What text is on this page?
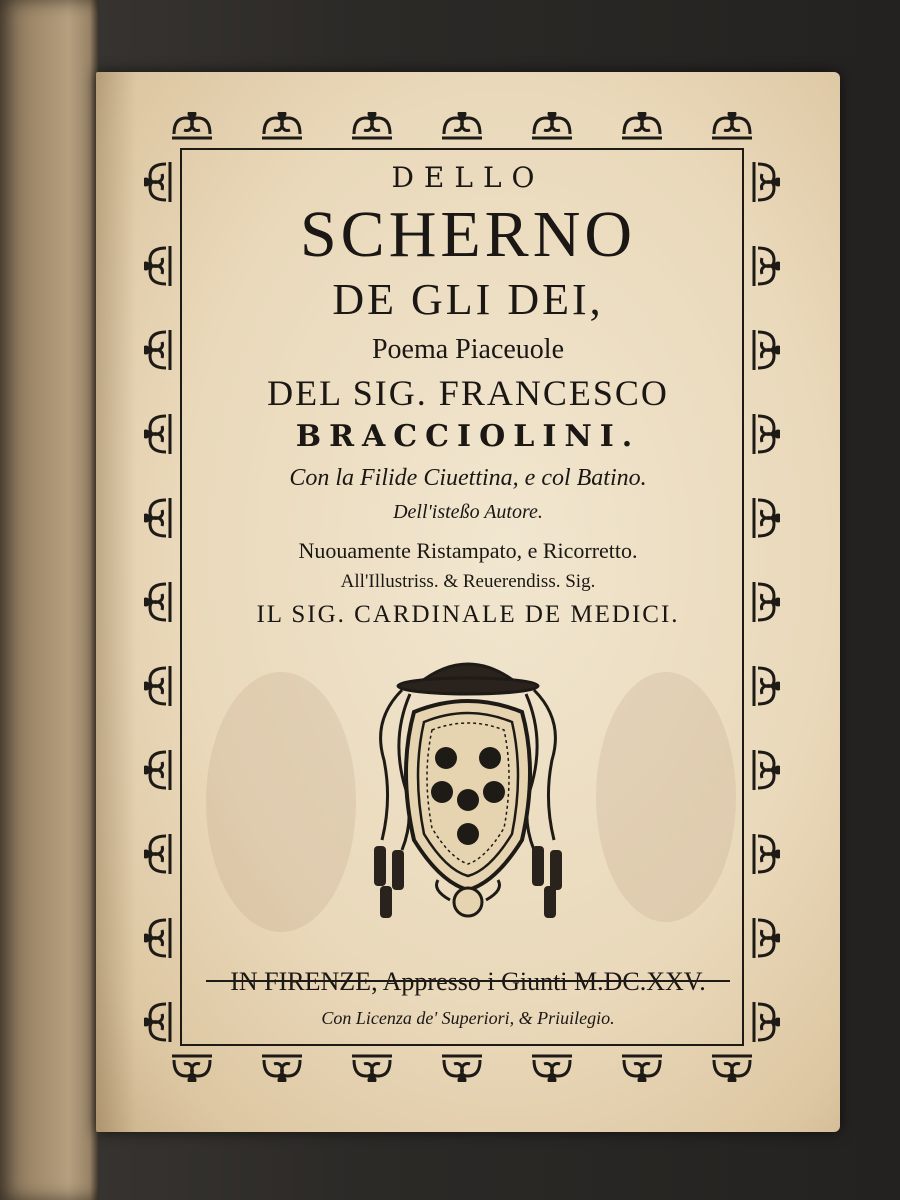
DELLO

SCHERNO

DE GLI DEI,

Poema Piaceuole

DEL SIG. FRANCESCO

BRACCIOLINI.

Con la Filide Ciuettina, e col Batino.

Dell'isteßo Autore.

Nuouamente Ristampato, e Ricorretto.

All'Illustriss. & Reuerendiss. Sig.

IL SIG. CARDINALE DE MEDICI.

IN FIRENZE, Appresso i Giunti M.DC.XXV.

Con Licenza de' Superiori, & Priuilegio.
